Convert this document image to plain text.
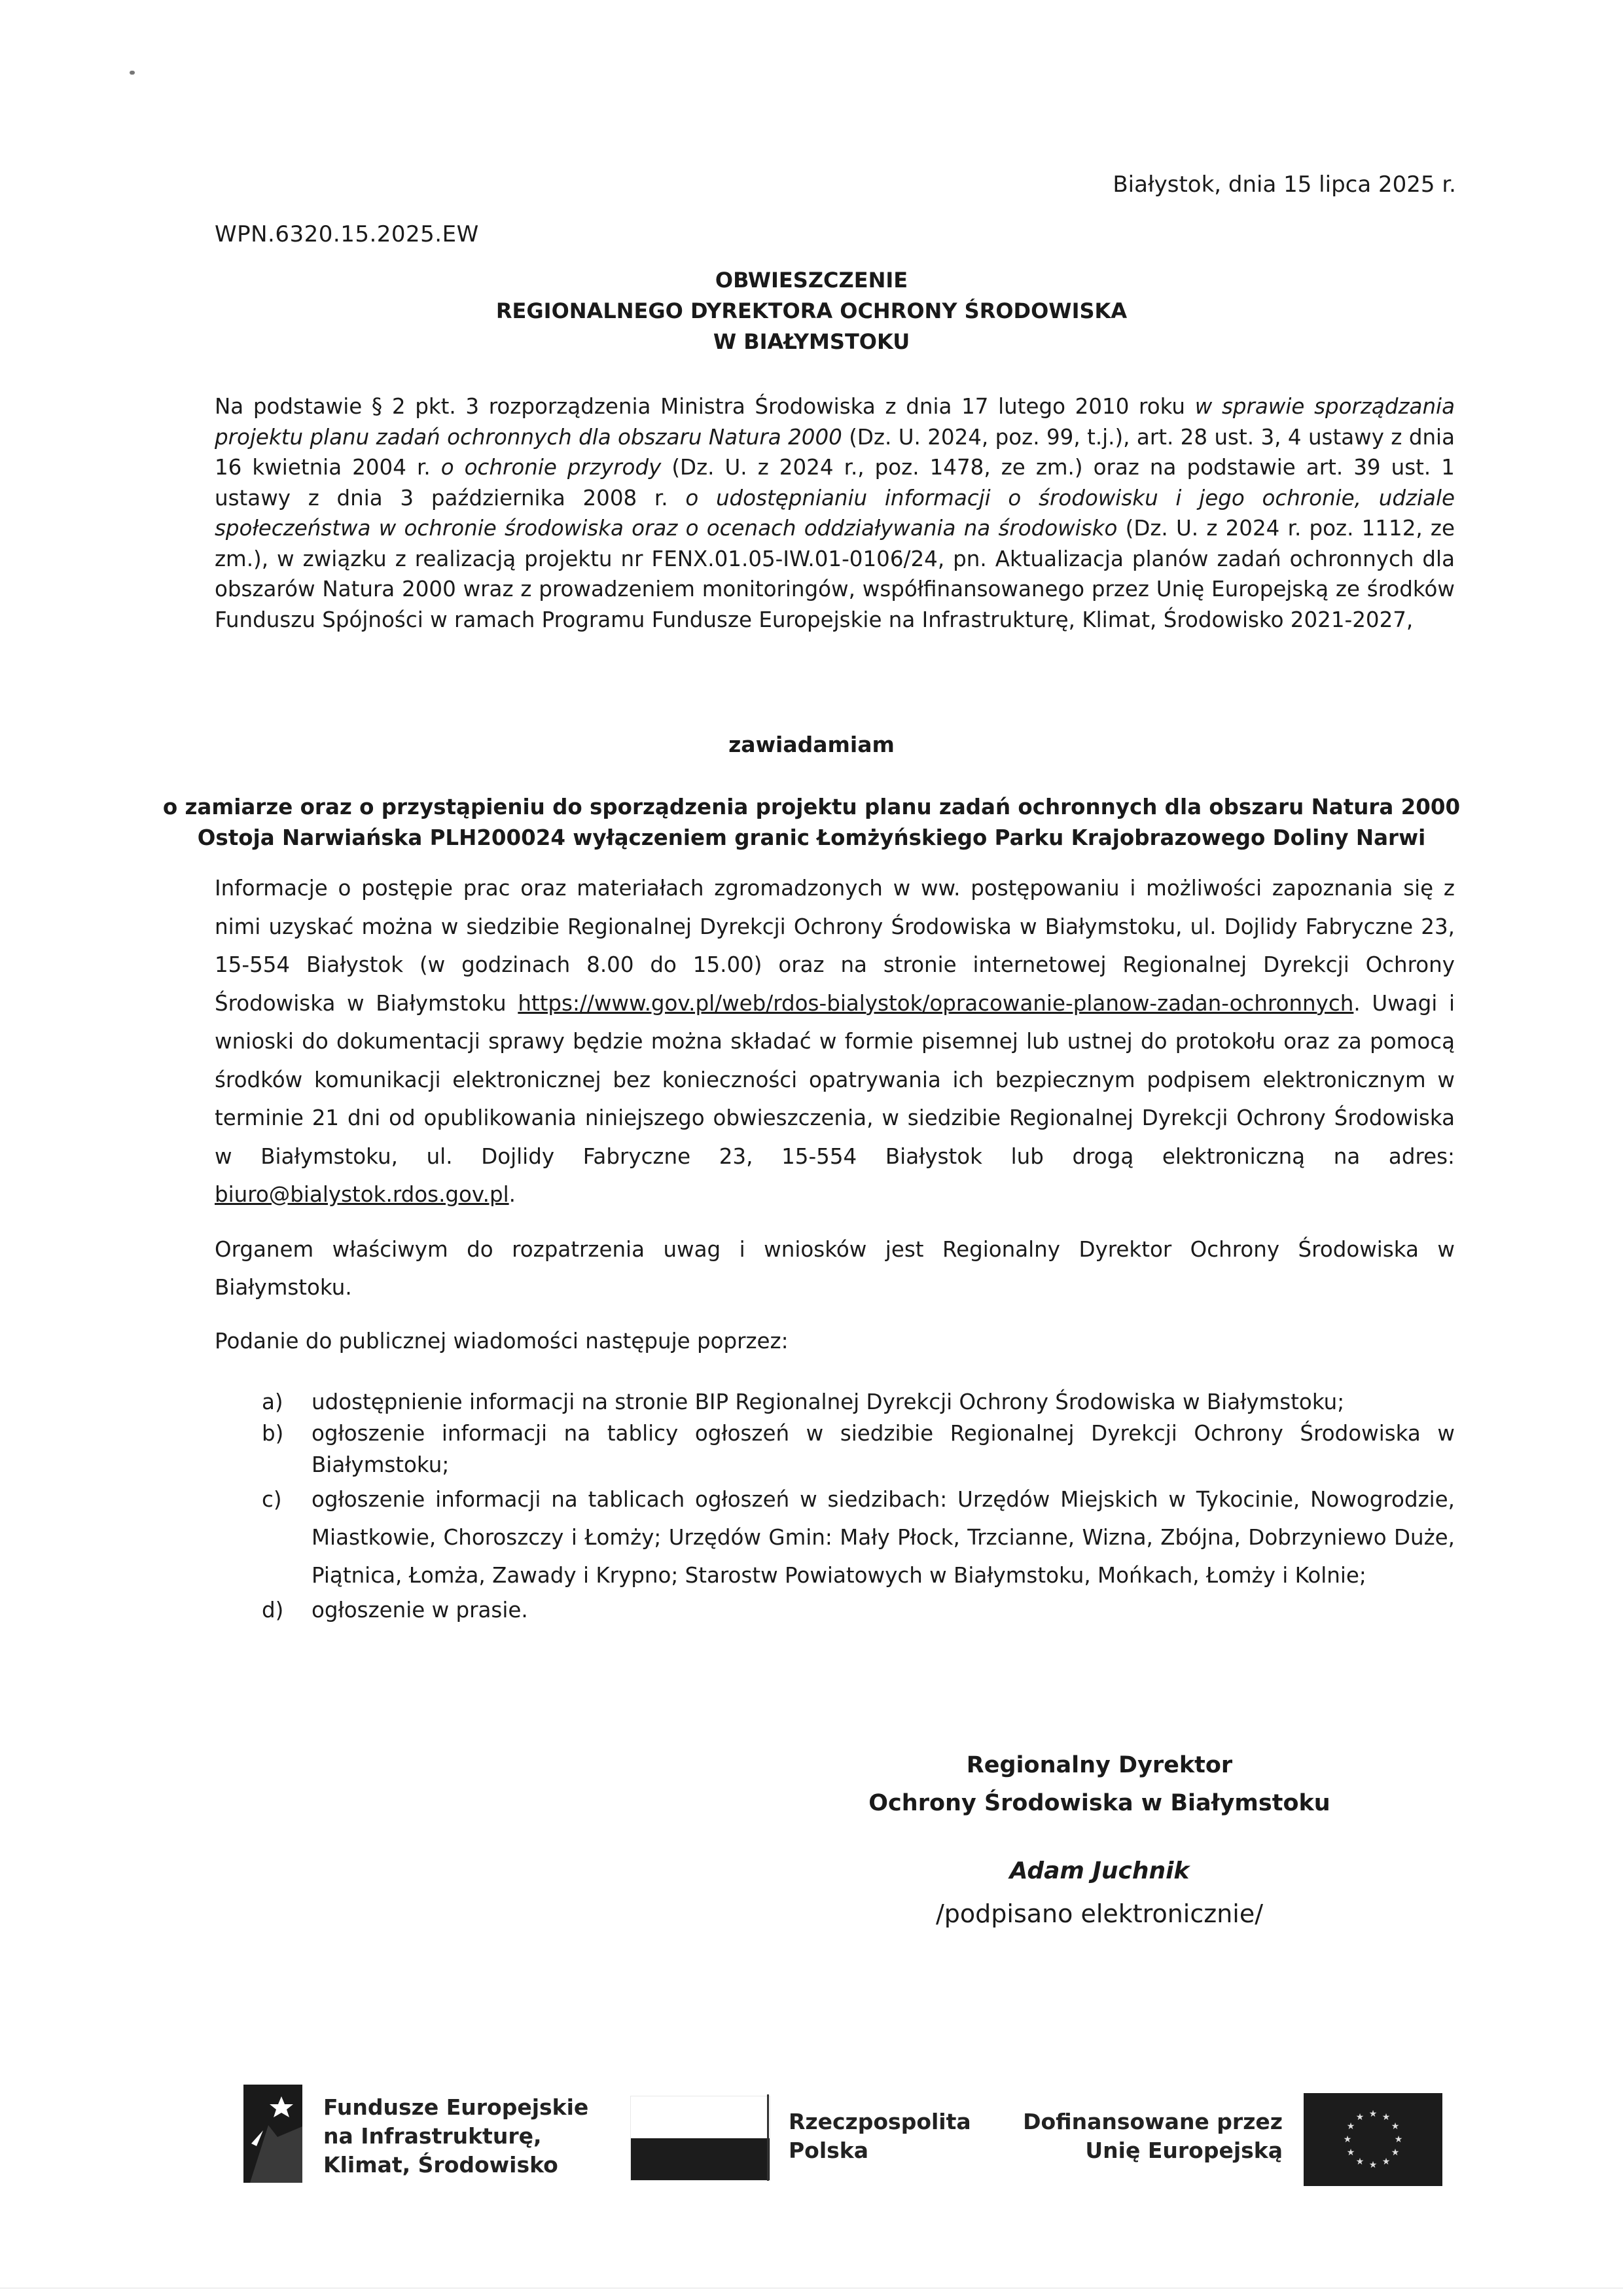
Białystok, dnia 15 lipca 2025 r.
WPN.6320.15.2025.EW
OBWIESZCZENIE
REGIONALNEGO DYREKTORA OCHRONY ŚRODOWISKA
W BIAŁYMSTOKU
Na podstawie § 2 pkt. 3 rozporządzenia Ministra Środowiska z dnia 17 lutego 2010 roku w sprawie sporządzania projektu planu zadań ochronnych dla obszaru Natura 2000 (Dz. U. 2024, poz. 99, t.j.), art. 28 ust. 3, 4 ustawy z dnia 16 kwietnia 2004 r. o ochronie przyrody (Dz. U. z 2024 r., poz. 1478, ze zm.) oraz na podstawie art. 39 ust. 1 ustawy z dnia 3 października 2008 r. o udostępnianiu informacji o środowisku i jego ochronie, udziale społeczeństwa w ochronie środowiska oraz o ocenach oddziaływania na środowisko (Dz. U. z 2024 r. poz. 1112, ze zm.), w związku z realizacją projektu nr FENX.01.05-IW.01-0106/24, pn. Aktualizacja planów zadań ochronnych dla obszarów Natura 2000 wraz z prowadzeniem monitoringów, współfinansowanego przez Unię Europejską ze środków Funduszu Spójności w ramach Programu Fundusze Europejskie na Infrastrukturę, Klimat, Środowisko 2021-2027,
zawiadamiam
o zamiarze oraz o przystąpieniu do sporządzenia projektu planu zadań ochronnych dla obszaru Natura 2000
Ostoja Narwiańska PLH200024 wyłączeniem granic Łomżyńskiego Parku Krajobrazowego Doliny Narwi
Informacje o postępie prac oraz materiałach zgromadzonych w ww. postępowaniu i możliwości zapoznania się z nimi uzyskać można w siedzibie Regionalnej Dyrekcji Ochrony Środowiska w Białymstoku, ul. Dojlidy Fabryczne 23, 15-554 Białystok (w godzinach 8.00 do 15.00) oraz na stronie internetowej Regionalnej Dyrekcji Ochrony Środowiska w Białymstoku https://www.gov.pl/web/rdos-bialystok/opracowanie-planow-zadan-ochronnych. Uwagi i wnioski do dokumentacji sprawy będzie można składać w formie pisemnej lub ustnej do protokołu oraz za pomocą środków komunikacji elektronicznej bez konieczności opatrywania ich bezpiecznym podpisem elektronicznym w terminie 21 dni od opublikowania niniejszego obwieszczenia, w siedzibie Regionalnej Dyrekcji Ochrony Środowiska w Białymstoku, ul. Dojlidy Fabryczne 23, 15-554 Białystok lub drogą elektroniczną na adres: biuro@bialystok.rdos.gov.pl.
Organem właściwym do rozpatrzenia uwag i wniosków jest Regionalny Dyrektor Ochrony Środowiska w Białymstoku.
Podanie do publicznej wiadomości następuje poprzez:
a)	udostępnienie informacji na stronie BIP Regionalnej Dyrekcji Ochrony Środowiska w Białymstoku;
b)	ogłoszenie informacji na tablicy ogłoszeń w siedzibie Regionalnej Dyrekcji Ochrony Środowiska w Białymstoku;
c)	ogłoszenie informacji na tablicach ogłoszeń w siedzibach: Urzędów Miejskich w Tykocinie, Nowogrodzie, Miastkowie, Choroszczy i Łomży; Urzędów Gmin: Mały Płock, Trzcianne, Wizna, Zbójna, Dobrzyniewo Duże, Piątnica, Łomża, Zawady i Krypno; Starostw Powiatowych w Białymstoku, Mońkach, Łomży i Kolnie;
d)	ogłoszenie w prasie.
Regionalny Dyrektor
Ochrony Środowiska w Białymstoku
Adam Juchnik
/podpisano elektronicznie/
Fundusze Europejskie
na Infrastrukturę,
Klimat, Środowisko
Rzeczpospolita
Polska
Dofinansowane przez
Unię Europejską
★ ★
★
★
★
★
★
★
★
★
★
★
